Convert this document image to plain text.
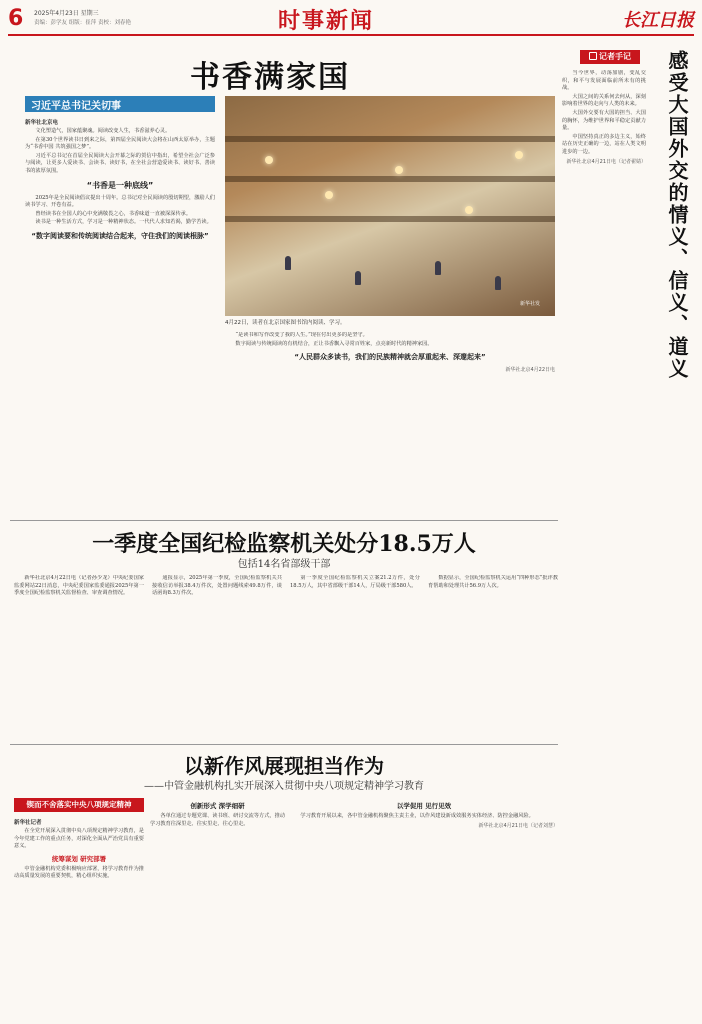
6 2025年4月23日 星期三
责编：彭学友 组版：崔萍 责校：刘春艳	时事新闻	长江日报
书香满家国
习近平总书记关切事
新华社北京电

文化塑造气，国家蕴聚魂。阅读改变人生，书香滋养心灵。

在第30个世界读书日到来之际，第四届全民阅读大会将在山西太原举办，主题为“书香中国 共筑强国之梦”。

习近平总书记在首届全民阅读大会开幕之际的贺信中指出，希望全社会广泛参与阅读，让更多人爱读书、会读书、读好书，在全社会营造爱读书、读好书、善读书的浓厚氛围。

“书香是一种底线”

2025年是全民阅读倡议提出十周年。总书记对全民阅读的殷切期望，激励人们读书学习、开卷有益。

曾经读书在全国人的心中充满敬畏之心，书香味道一直被深深传承。

读书是一种生活方式，学习是一种精神状态。一代代人求知若渴，勤学苦读。

“数字阅读要和传统阅读结合起来，守住我们的阅读根脉”
新华社发
4月22日，读者在北京国家图书馆内阅读、学习。

“是读书和写作改变了我的人生。”现在付出更多的是坚守。

数字阅读与传统阅读的有机结合，正让书香飘入寻常百姓家，点亮新时代的精神家园。

“人民群众多读书，我们的民族精神就会厚重起来、深邃起来”
新华社北京4月22日电
记者手记	感受大国外交的情义、信义、道义

当今世界，动荡加剧，变乱交织，和平与发展面临前所未有的挑战。

大国之间的关系何去何从，深刻影响着世界的走向与人类的未来。

大国外交要有大国的担当、大国的胸怀，为维护世界和平稳定贡献力量。

中国坚持真正的多边主义，始终站在历史正确的一边，站在人类文明进步的一边。

新华社北京4月21日电（记者翟婧）
一季度全国纪检监察机关处分18.5万人
包括14名省部级干部

新华社北京4月22日电（记者孙少龙）中央纪委国家监委网站22日消息，中央纪委国家监委通报2025年第一季度全国纪检监察机关监督检查、审查调查情况。

通报显示，2025年第一季度，全国纪检监察机关共接收信访举报38.4万件次，处置问题线索49.8万件，谈话函询8.3万件次。

第一季度全国纪检监察机关立案21.2万件，处分18.5万人，其中省部级干部14人，厅局级干部580人。

数据显示，全国纪检监察机关运用“四种形态”批评教育帮助和处理共计56.9万人次。

以新作风展现担当作为
——中管金融机构扎实开展深入贯彻中央八项规定精神学习教育
锲而不舍落实中央八项规定精神
新华社记者

在全党开展深入贯彻中央八项规定精神学习教育，是今年党建工作的重点任务，对深化全面从严治党具有重要意义。

统筹谋划 研究部署

中管金融机构党委积极响应部署，将学习教育作为推动高质量发展的重要契机，精心组织实施。

创新形式 深学细研

各单位通过专题党课、读书班、研讨交流等方式，推动学习教育往深里走、往实里走、往心里走。

以学促用 见行见效

学习教育开展以来，各中管金融机构聚焦主责主业，以作风建设新成效服务实体经济、防控金融风险。

新华社北京4月21日电（记者刘慧）
